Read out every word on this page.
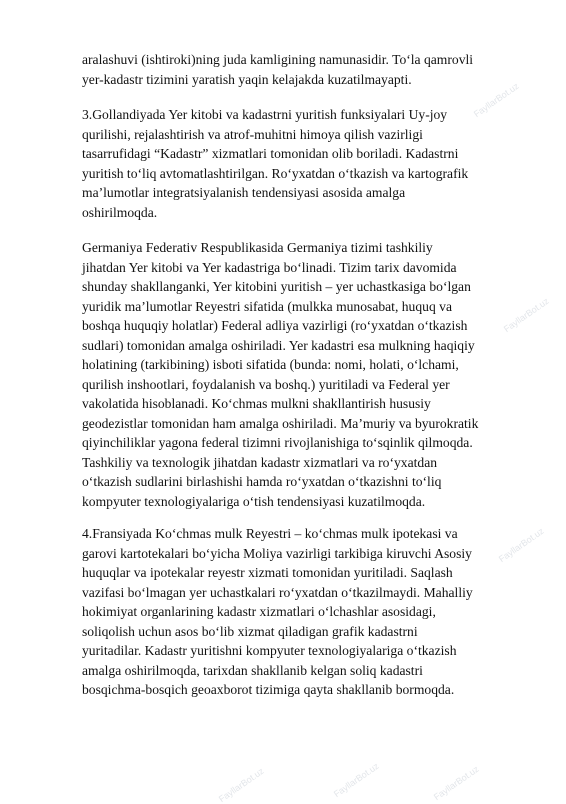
FayllarBot.uz
FayllarBot.uz
FayllarBot.uz
FayllarBot.uz	FayllarBot.uz
FayllarBot.uz
aralashuvi (ishtiroki)ning juda kamligining namunasidir. To‘la qamrovli
yer-kadastr tizimini yaratish yaqin kelajakda kuzatilmayapti.
3.Gollandiyada Yer kitobi va kadastrni yuritish funksiyalari Uy-joy
qurilishi, rejalashtirish va atrof-muhitni himoya qilish vazirligi
tasarrufidagi “Kadastr” xizmatlari tomonidan olib boriladi. Kadastrni
yuritish to‘liq avtomatlashtirilgan. Ro‘yxatdan o‘tkazish va kartografik
ma’lumotlar integratsiyalanish tendensiyasi asosida amalga
oshirilmoqda.
Germaniya Federativ Respublikasida Germaniya tizimi tashkiliy
jihatdan Yer kitobi va Yer kadastriga bo‘linadi. Tizim tarix davomida
shunday shakllanganki, Yer kitobini yuritish – yer uchastkasiga bo‘lgan
yuridik ma’lumotlar Reyestri sifatida (mulkka munosabat, huquq va
boshqa huquqiy holatlar) Federal adliya vazirligi (ro‘yxatdan o‘tkazish
sudlari) tomonidan amalga oshiriladi. Yer kadastri esa mulkning haqiqiy
holatining (tarkibining) isboti sifatida (bunda: nomi, holati, o‘lchami,
qurilish inshootlari, foydalanish va boshq.) yuritiladi va Federal yer
vakolatida hisoblanadi. Ko‘chmas mulkni shakllantirish hususiy
geodezistlar tomonidan ham amalga oshiriladi. Ma’muriy va byurokratik
qiyinchiliklar yagona federal tizimni rivojlanishiga to‘sqinlik qilmoqda.
Tashkiliy va texnologik jihatdan kadastr xizmatlari va ro‘yxatdan
o‘tkazish sudlarini birlashishi hamda ro‘yxatdan o‘tkazishni to‘liq
kompyuter texnologiyalariga o‘tish tendensiyasi kuzatilmoqda.
4.Fransiyada Ko‘chmas mulk Reyestri – ko‘chmas mulk ipotekasi va
garovi kartotekalari bo‘yicha Moliya vazirligi tarkibiga kiruvchi Asosiy
huquqlar va ipotekalar reyestr xizmati tomonidan yuritiladi. Saqlash
vazifasi bo‘lmagan yer uchastkalari ro‘yxatdan o‘tkazilmaydi. Mahalliy
hokimiyat organlarining kadastr xizmatlari o‘lchashlar asosidagi,
soliqolish uchun asos bo‘lib xizmat qiladigan grafik kadastrni
yuritadilar. Kadastr yuritishni kompyuter texnologiyalariga o‘tkazish
amalga oshirilmoqda, tarixdan shakllanib kelgan soliq kadastri
bosqichma-bosqich geoaxborot tizimiga qayta shakllanib bormoqda.
